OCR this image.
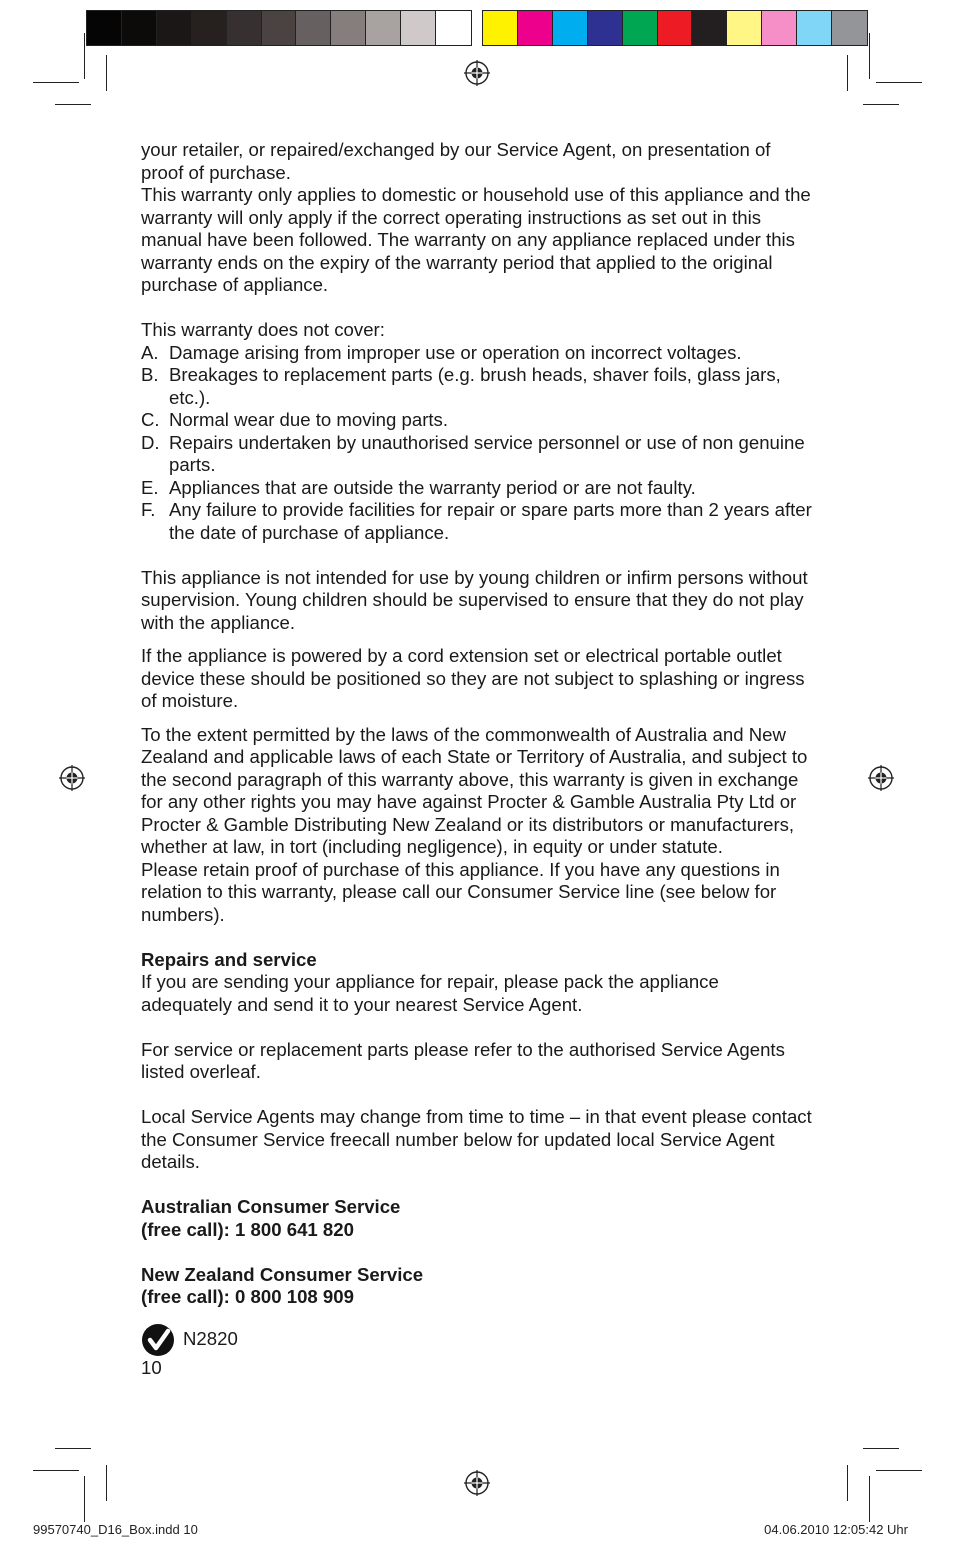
your retailer, or repaired/exchanged by our Service Agent, on presentation of proof of purchase.

This warranty only applies to domestic or household use of this appliance and the warranty will only apply if the correct operating instructions as set out in this manual have been followed. The warranty on any appliance replaced under this warranty ends on the expiry of the warranty period that applied to the original purchase of appliance.

This warranty does not cover:

A. Damage arising from improper use or operation on incorrect voltages.
B. Breakages to replacement parts (e.g. brush heads, shaver foils, glass jars, etc.).
C. Normal wear due to moving parts.
D. Repairs undertaken by unauthorised service personnel or use of non genuine parts.
E. Appliances that are outside the warranty period or are not faulty.
F. Any failure to provide facilities for repair or spare parts more than 2 years after the date of purchase of appliance.

This appliance is not intended for use by young children or infirm persons without supervision. Young children should be supervised to ensure that they do not play with the appliance.

If the appliance is powered by a cord extension set or electrical portable outlet device these should be positioned so they are not subject to splashing or ingress of moisture.

To the extent permitted by the laws of the commonwealth of Australia and New Zealand and applicable laws of each State or Territory of Australia, and subject to the second paragraph of this warranty above, this warranty is given in exchange for any other rights you may have against Procter & Gamble Australia Pty Ltd or Procter & Gamble Distributing New Zealand or its distributors or manufacturers, whether at law, in tort (including negligence), in equity or under statute.

Please retain proof of purchase of this appliance. If you have any questions in relation to this warranty, please call our Consumer Service line (see below for numbers).

Repairs and service

If you are sending your appliance for repair, please pack the appliance adequately and send it to your nearest Service Agent.

For service or replacement parts please refer to the authorised Service Agents listed overleaf.

Local Service Agents may change from time to time – in that event please contact the Consumer Service freecall number below for updated local Service Agent details.

Australian Consumer Service

(free call): 1 800 641 820

New Zealand Consumer Service

(free call): 0 800 108 909

N2820

10

99570740_D16_Box.indd 10	04.06.2010 12:05:42 Uhr
